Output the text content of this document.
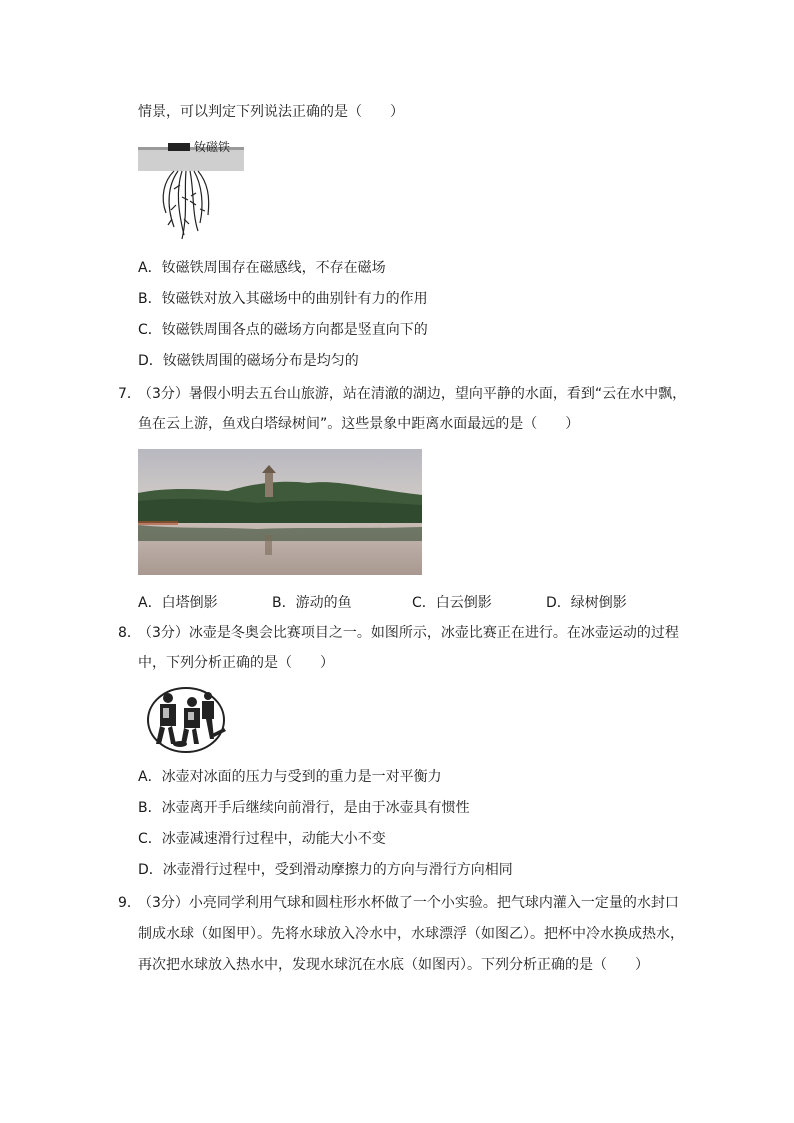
情景，可以判定下列说法正确的是（　　）
钕磁铁
A．钕磁铁周围存在磁感线，不存在磁场
B．钕磁铁对放入其磁场中的曲别针有力的作用
C．钕磁铁周围各点的磁场方向都是竖直向下的
D．钕磁铁周围的磁场分布是均匀的
7．
（3分）暑假小明去五台山旅游，站在清澈的湖边，望向平静的水面，看到“云在水中飘，
鱼在云上游，鱼戏白塔绿树间”。这些景象中距离水面最远的是（　　）
A．白塔倒影	B．游动的鱼	C．白云倒影	D．绿树倒影
8．
（3分）冰壶是冬奥会比赛项目之一。如图所示，冰壶比赛正在进行。在冰壶运动的过程
中，下列分析正确的是（　　）
A．冰壶对冰面的压力与受到的重力是一对平衡力
B．冰壶离开手后继续向前滑行，是由于冰壶具有惯性
C．冰壶减速滑行过程中，动能大小不变
D．冰壶滑行过程中，受到滑动摩擦力的方向与滑行方向相同
9．
（3分）小亮同学利用气球和圆柱形水杯做了一个小实验。把气球内灌入一定量的水封口
制成水球（如图甲）。先将水球放入冷水中，水球漂浮（如图乙）。把杯中冷水换成热水，
再次把水球放入热水中，发现水球沉在水底（如图丙）。下列分析正确的是（　　）
